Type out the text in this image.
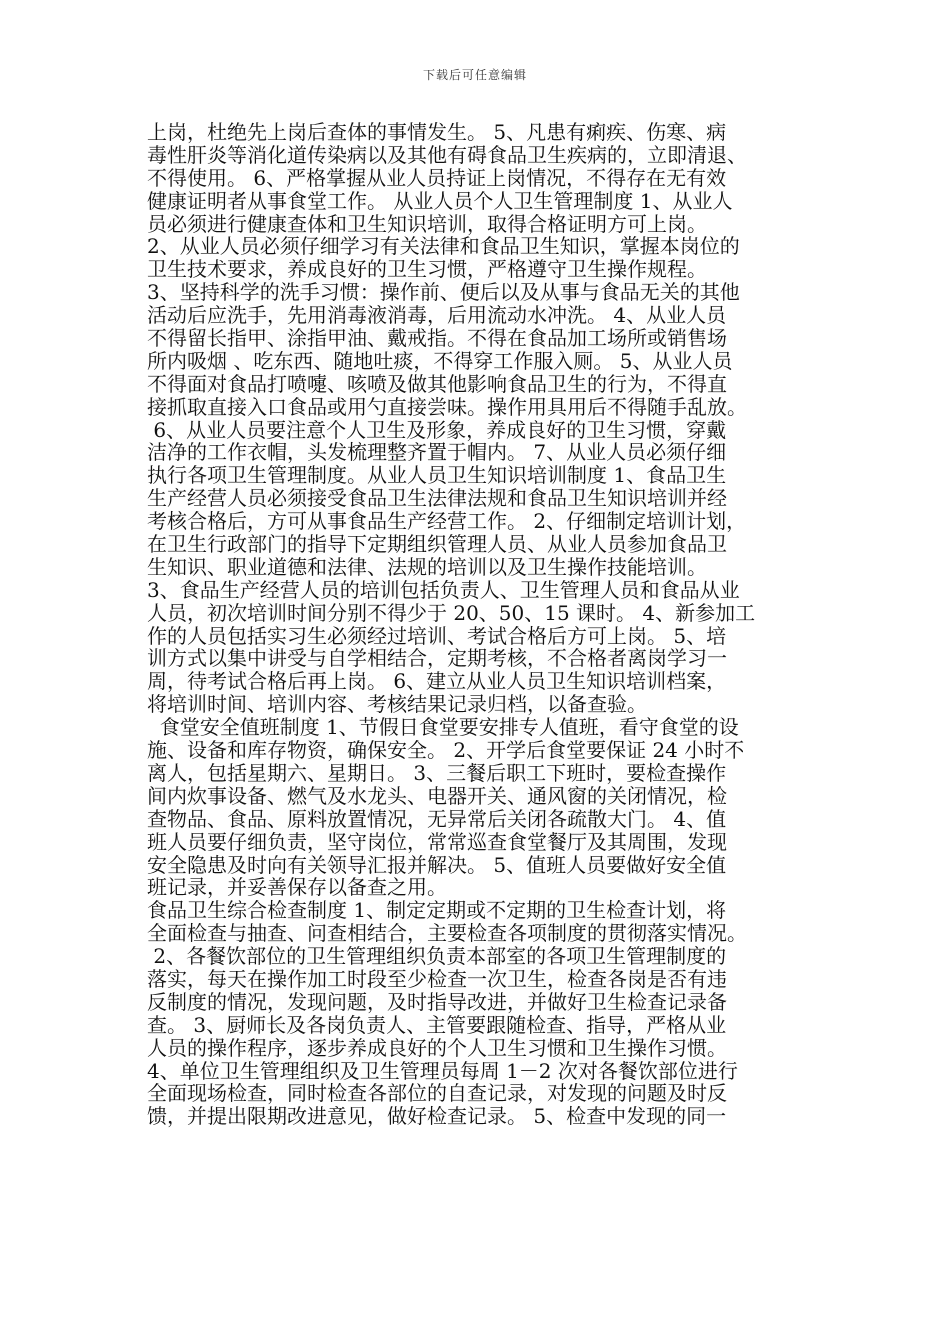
下载后可任意编辑
上岗，杜绝先上岗后查体的事情发生。 5、凡患有痢疾、伤寒、病
毒性肝炎等消化道传染病以及其他有碍食品卫生疾病的，立即清退、
不得使用。 6、严格掌握从业人员持证上岗情况，不得存在无有效
健康证明者从事食堂工作。 从业人员个人卫生管理制度 1、从业人
员必须进行健康查体和卫生知识培训，取得合格证明方可上岗。
2、从业人员必须仔细学习有关法律和食品卫生知识，掌握本岗位的
卫生技术要求，养成良好的卫生习惯，严格遵守卫生操作规程。
3、坚持科学的洗手习惯：操作前、便后以及从事与食品无关的其他
活动后应洗手，先用消毒液消毒，后用流动水冲洗。 4、从业人员
不得留长指甲、涂指甲油、戴戒指。不得在食品加工场所或销售场
所内吸烟 、吃东西、随地吐痰，不得穿工作服入厕。 5、从业人员
不得面对食品打喷嚏、咳喷及做其他影响食品卫生的行为，不得直
接抓取直接入口食品或用勺直接尝味。操作用具用后不得随手乱放。
6、从业人员要注意个人卫生及形象，养成良好的卫生习惯，穿戴
洁净的工作衣帽，头发梳理整齐置于帽内。 7、从业人员必须仔细
执行各项卫生管理制度。从业人员卫生知识培训制度 1、食品卫生
生产经营人员必须接受食品卫生法律法规和食品卫生知识培训并经
考核合格后，方可从事食品生产经营工作。 2、仔细制定培训计划，
在卫生行政部门的指导下定期组织管理人员、从业人员参加食品卫
生知识、职业道德和法律、法规的培训以及卫生操作技能培训。
3、食品生产经营人员的培训包括负责人、卫生管理人员和食品从业
人员，初次培训时间分别不得少于 20、50、15 课时。 4、新参加工
作的人员包括实习生必须经过培训、考试合格后方可上岗。 5、培
训方式以集中讲受与自学相结合，定期考核，不合格者离岗学习一
周，待考试合格后再上岗。 6、建立从业人员卫生知识培训档案，
将培训时间、培训内容、考核结果记录归档，以备查验。
食堂安全值班制度 1、节假日食堂要安排专人值班，看守食堂的设
施、设备和库存物资，确保安全。 2、开学后食堂要保证 24 小时不
离人，包括星期六、星期日。 3、三餐后职工下班时，要检查操作
间内炊事设备、燃气及水龙头、电器开关、通风窗的关闭情况，检
查物品、食品、原料放置情况，无异常后关闭各疏散大门。 4、值
班人员要仔细负责，坚守岗位，常常巡查食堂餐厅及其周围，发现
安全隐患及时向有关领导汇报并解决。 5、值班人员要做好安全值
班记录，并妥善保存以备查之用。
食品卫生综合检查制度 1、制定定期或不定期的卫生检查计划，将
全面检查与抽查、问查相结合，主要检查各项制度的贯彻落实情况。
2、各餐饮部位的卫生管理组织负责本部室的各项卫生管理制度的
落实，每天在操作加工时段至少检查一次卫生，检查各岗是否有违
反制度的情况，发现问题，及时指导改进，并做好卫生检查记录备
查。 3、厨师长及各岗负责人、主管要跟随检查、指导，严格从业
人员的操作程序，逐步养成良好的个人卫生习惯和卫生操作习惯。
4、单位卫生管理组织及卫生管理员每周 1－2 次对各餐饮部位进行
全面现场检查，同时检查各部位的自查记录，对发现的问题及时反
馈，并提出限期改进意见，做好检查记录。 5、检查中发现的同一
